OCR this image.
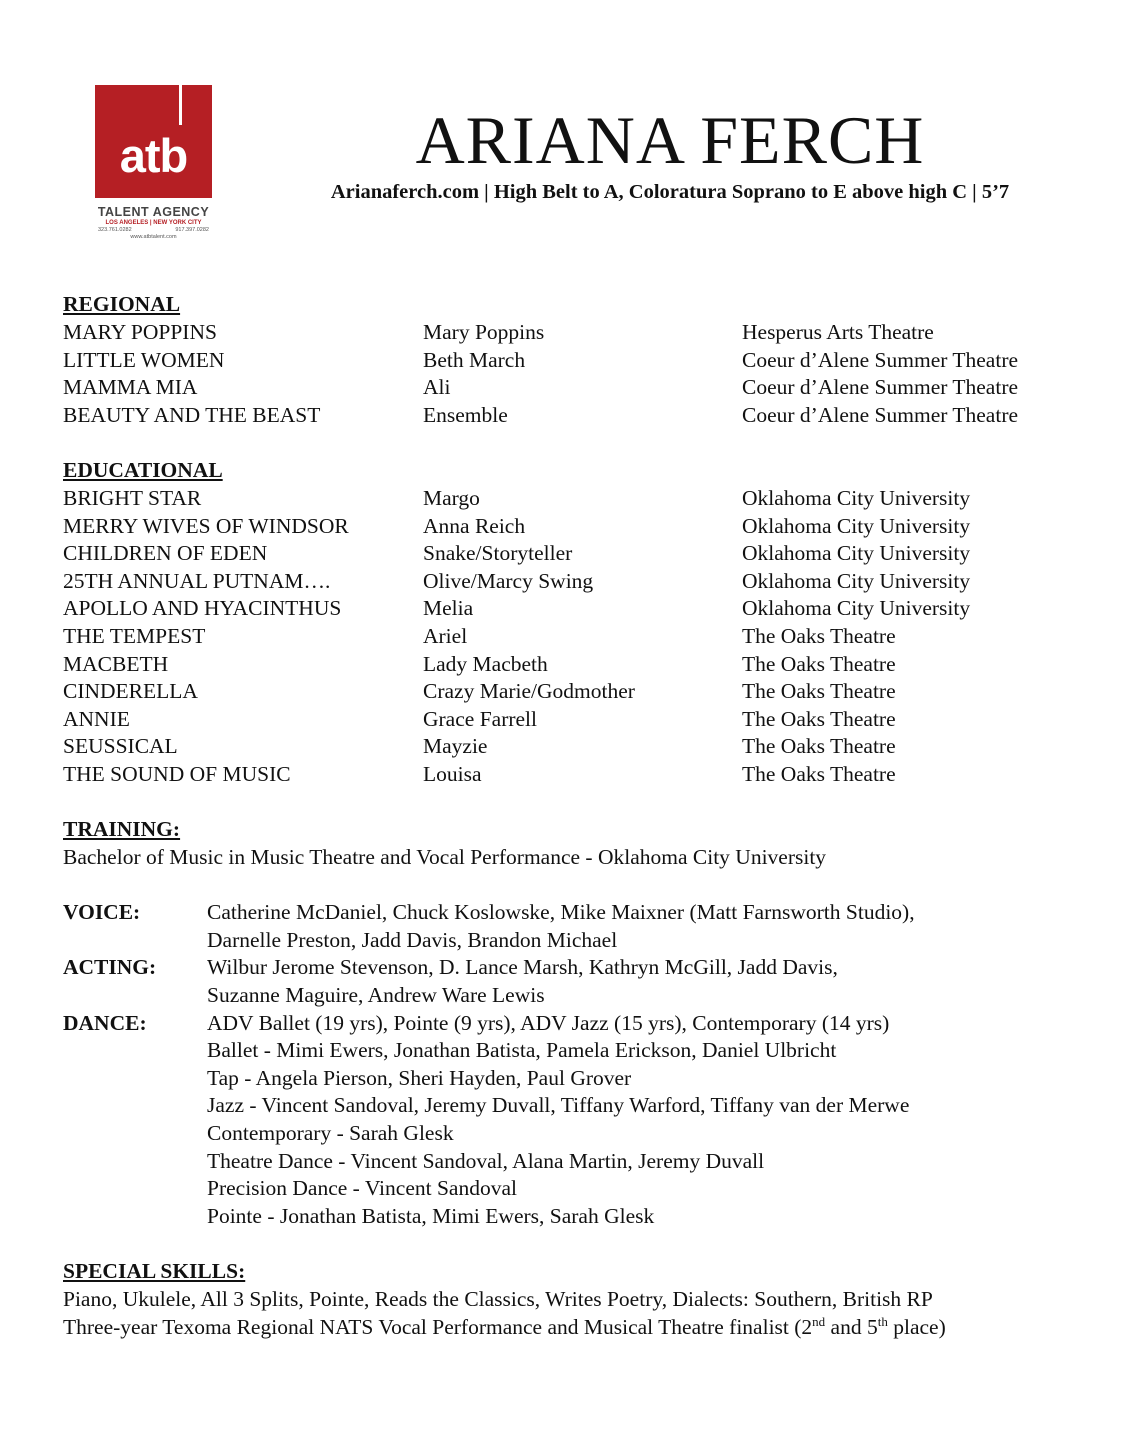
atb
TALENT AGENCY
LOS ANGELES | NEW YORK CITY
323.761.0282	917.397.0282
www.atbtalent.com
ARIANA FERCH
Arianaferch.com | High Belt to A, Coloratura Soprano to E above high C | 5’7
REGIONAL
MARY POPPINS	Mary Poppins	Hesperus Arts Theatre
LITTLE WOMEN	Beth March	Coeur d’Alene Summer Theatre
MAMMA MIA	Ali	Coeur d’Alene Summer Theatre
BEAUTY AND THE BEAST	Ensemble	Coeur d’Alene Summer Theatre
EDUCATIONAL
BRIGHT STAR	Margo	Oklahoma City University
MERRY WIVES OF WINDSOR	Anna Reich	Oklahoma City University
CHILDREN OF EDEN	Snake/Storyteller	Oklahoma City University
25TH ANNUAL PUTNAM….	Olive/Marcy Swing	Oklahoma City University
APOLLO AND HYACINTHUS	Melia	Oklahoma City University
THE TEMPEST	Ariel	The Oaks Theatre
MACBETH	Lady Macbeth	The Oaks Theatre
CINDERELLA	Crazy Marie/Godmother	The Oaks Theatre
ANNIE	Grace Farrell	The Oaks Theatre
SEUSSICAL	Mayzie	The Oaks Theatre
THE SOUND OF MUSIC	Louisa	The Oaks Theatre
TRAINING:
Bachelor of Music in Music Theatre and Vocal Performance - Oklahoma City University
VOICE:	Catherine McDaniel, Chuck Koslowske, Mike Maixner (Matt Farnsworth Studio),
Darnelle Preston, Jadd Davis, Brandon Michael
ACTING: Wilbur Jerome Stevenson, D. Lance Marsh, Kathryn McGill, Jadd Davis,
Suzanne Maguire, Andrew Ware Lewis
DANCE:	ADV Ballet (19 yrs), Pointe (9 yrs), ADV Jazz (15 yrs), Contemporary (14 yrs)
Ballet - Mimi Ewers, Jonathan Batista, Pamela Erickson, Daniel Ulbricht
Tap - Angela Pierson, Sheri Hayden, Paul Grover
Jazz - Vincent Sandoval, Jeremy Duvall, Tiffany Warford, Tiffany van der Merwe
Contemporary - Sarah Glesk
Theatre Dance - Vincent Sandoval, Alana Martin, Jeremy Duvall
Precision Dance - Vincent Sandoval
Pointe - Jonathan Batista, Mimi Ewers, Sarah Glesk
SPECIAL SKILLS:
Piano, Ukulele, All 3 Splits, Pointe, Reads the Classics, Writes Poetry, Dialects: Southern, British RP
Three-year Texoma Regional NATS Vocal Performance and Musical Theatre finalist (2nd and 5th place)
